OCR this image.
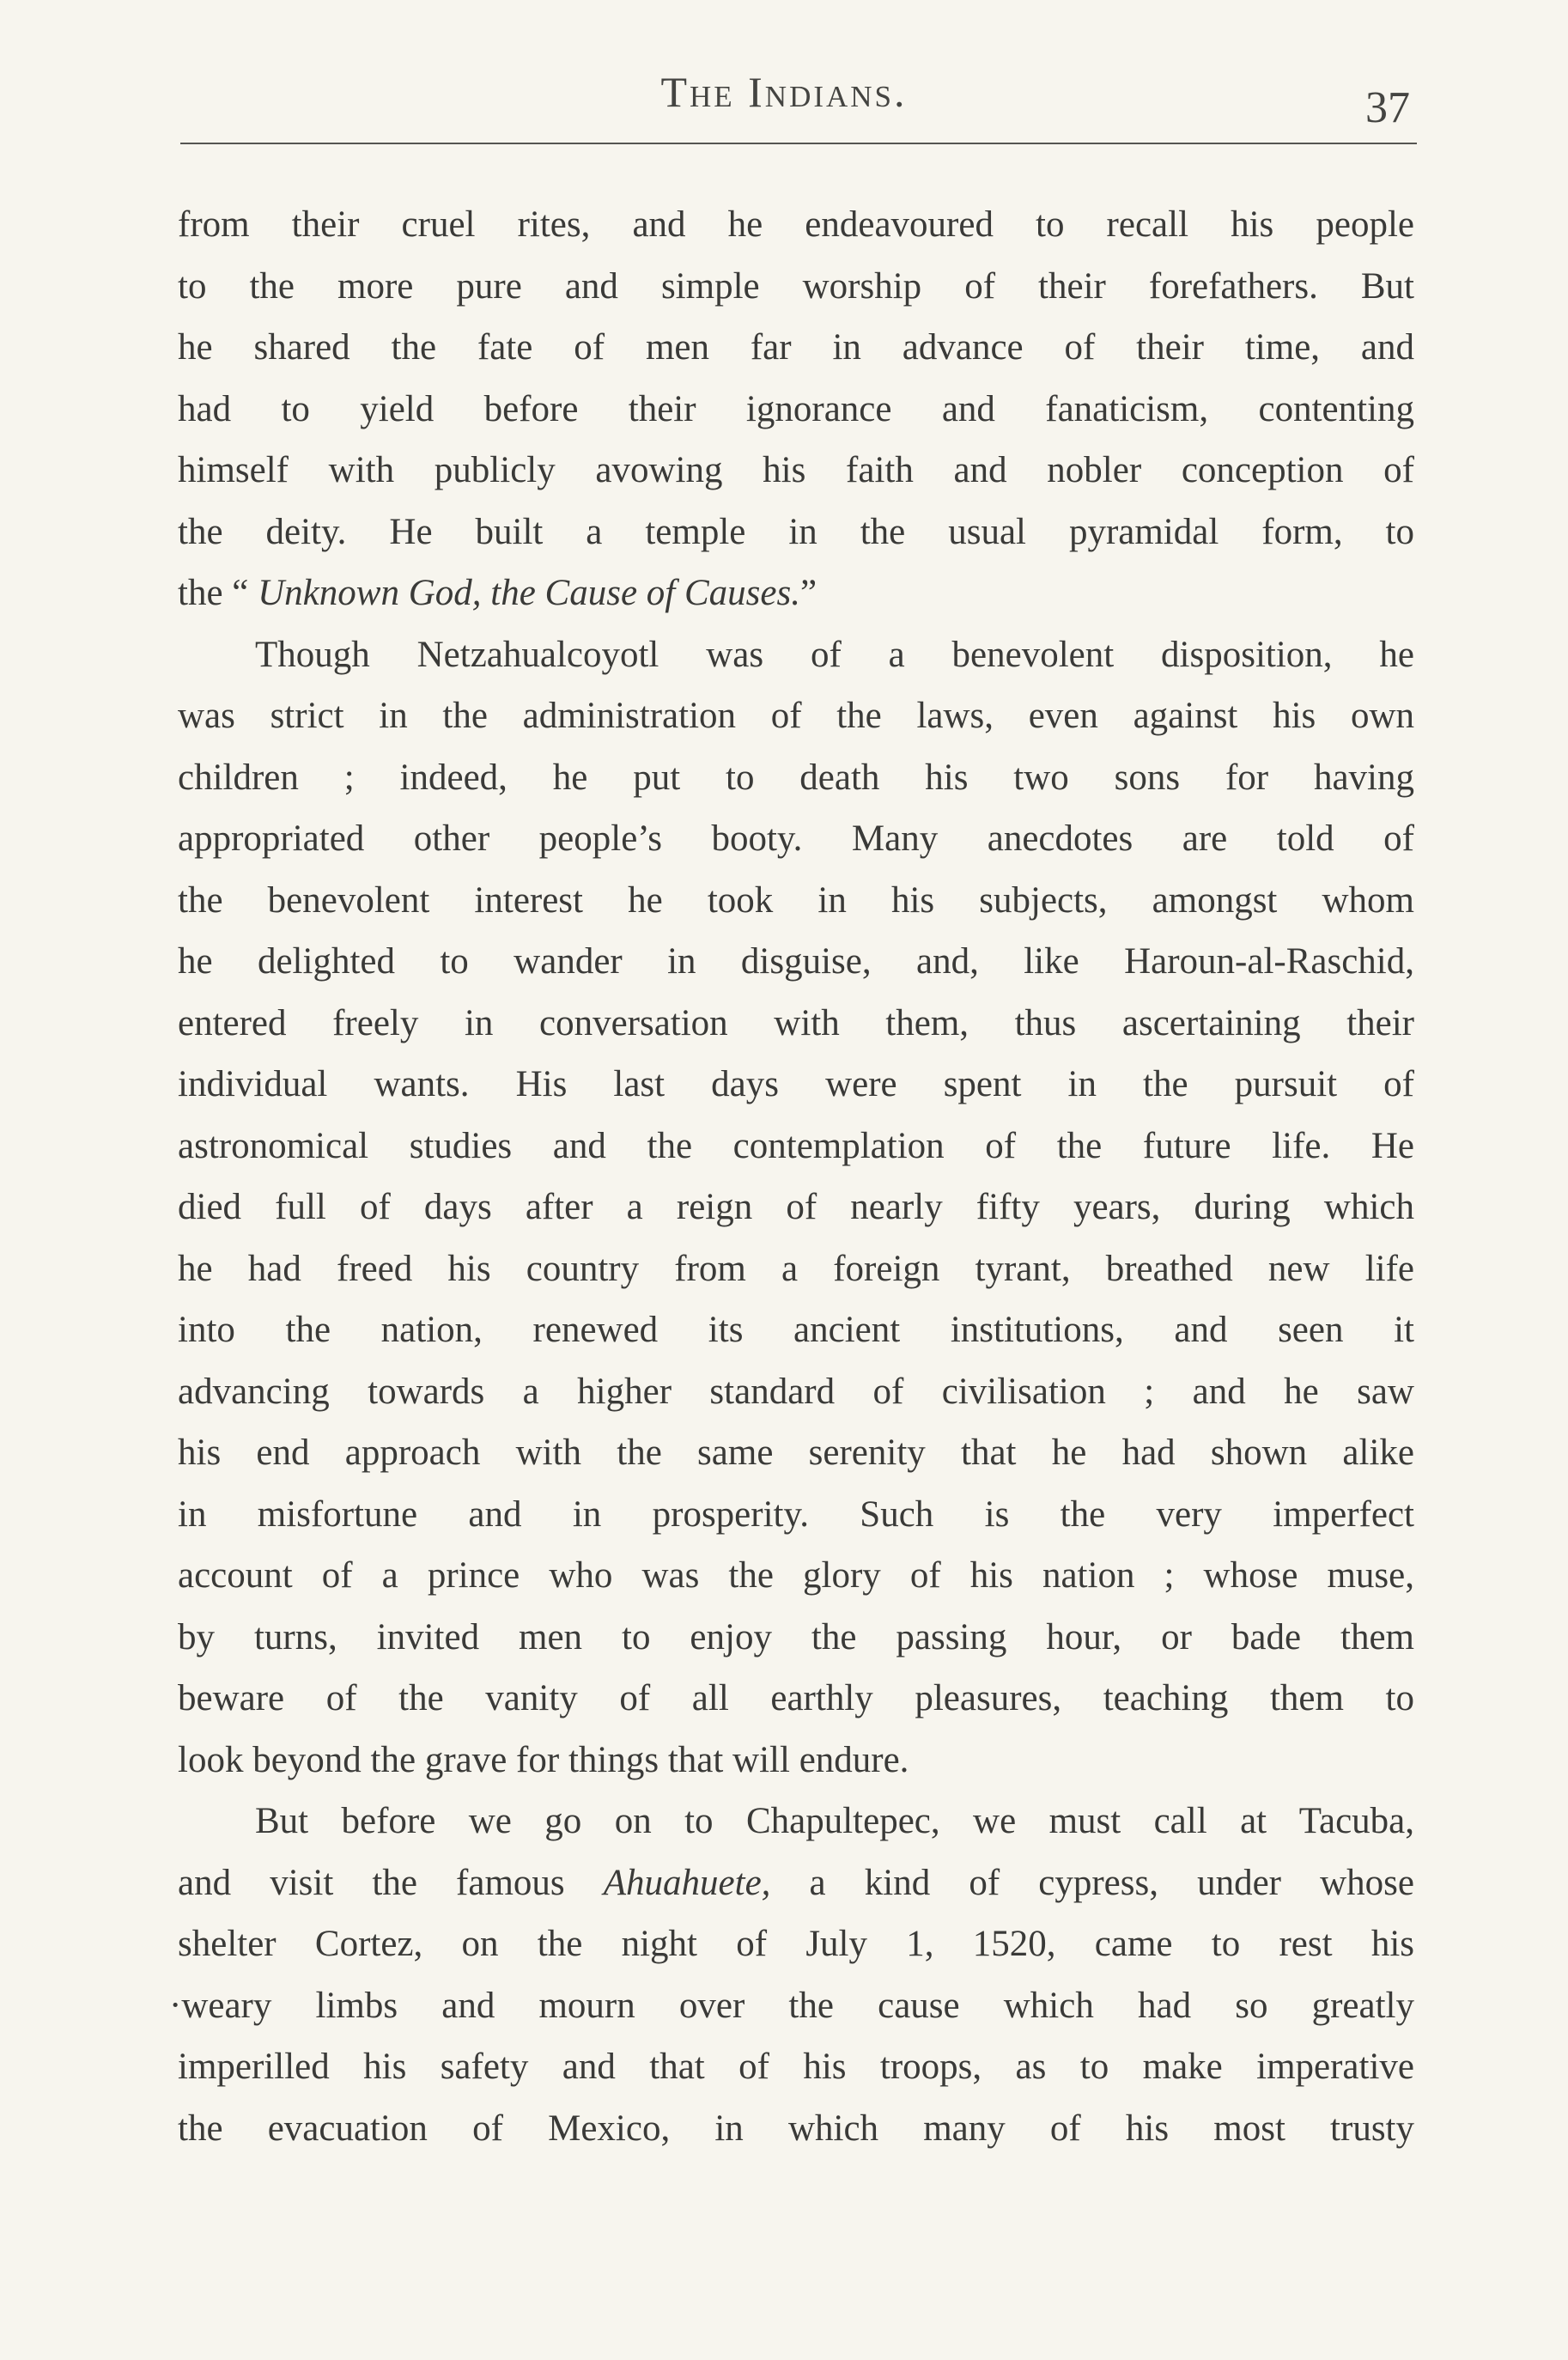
The Indians.	37
from their cruel rites, and he endeavoured to recall his people
to the more pure and simple worship of their forefathers. But
he shared the fate of men far in advance of their time, and
had to yield before their ignorance and fanaticism, contenting
himself with publicly avowing his faith and nobler conception of
the deity. He built a temple in the usual pyramidal form, to
the “ Unknown God, the Cause of Causes.”
Though Netzahualcoyotl was of a benevolent disposition, he
was strict in the administration of the laws, even against his own
children ; indeed, he put to death his two sons for having
appropriated other people’s booty. Many anecdotes are told of
the benevolent interest he took in his subjects, amongst whom
he delighted to wander in disguise, and, like Haroun-al-Raschid,
entered freely in conversation with them, thus ascertaining their
individual wants. His last days were spent in the pursuit of
astronomical studies and the contemplation of the future life. He
died full of days after a reign of nearly fifty years, during which
he had freed his country from a foreign tyrant, breathed new life
into the nation, renewed its ancient institutions, and seen it
advancing towards a higher standard of civilisation ; and he saw
his end approach with the same serenity that he had shown alike
in misfortune and in prosperity. Such is the very imperfect
account of a prince who was the glory of his nation ; whose muse,
by turns, invited men to enjoy the passing hour, or bade them
beware of the vanity of all earthly pleasures, teaching them to
look beyond the grave for things that will endure.
But before we go on to Chapultepec, we must call at Tacuba,
and visit the famous Ahuahuete, a kind of cypress, under whose
shelter Cortez, on the night of July 1, 1520, came to rest his
·weary limbs and mourn over the cause which had so greatly
imperilled his safety and that of his troops, as to make imperative
the evacuation of Mexico, in which many of his most trusty
